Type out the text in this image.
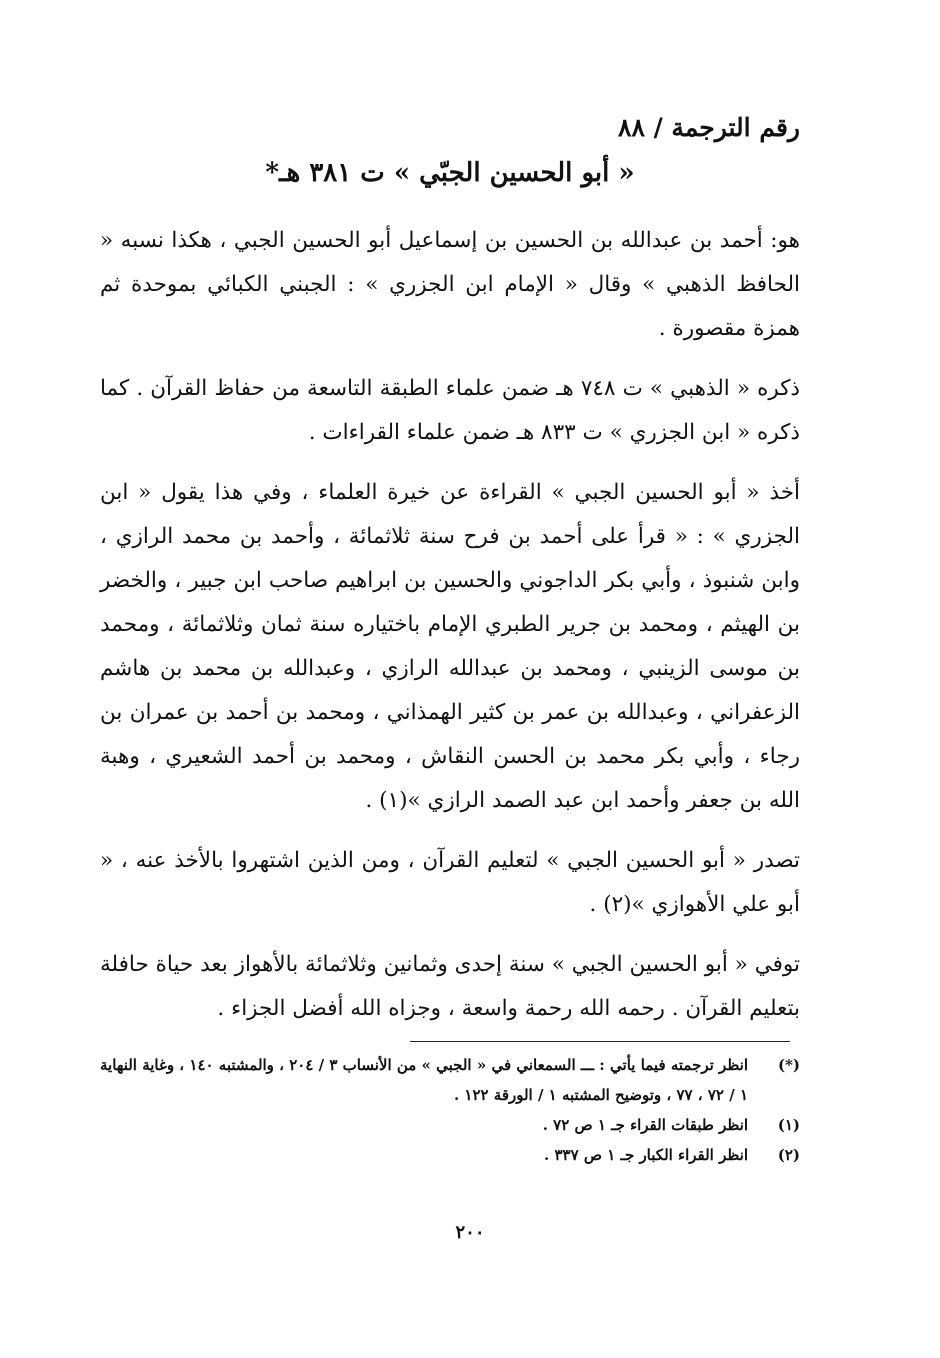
رقم الترجمة / ٨٨
« أبو الحسين الجبّي » ت ٣٨١ هـ*

هو: أحمد بن عبدالله بن الحسين بن إسماعيل أبو الحسين الجبي ، هكذا نسبه « الحافظ الذهبي » وقال « الإمام ابن الجزري » : الجبني الكبائي بموحدة ثم همزة مقصورة .

ذكره « الذهبي » ت ٧٤٨ هـ ضمن علماء الطبقة التاسعة من حفاظ القرآن . كما ذكره « ابن الجزري » ت ٨٣٣ هـ ضمن علماء القراءات .

أخذ « أبو الحسين الجبي » القراءة عن خيرة العلماء ، وفي هذا يقول « ابن الجزري » : « قرأ على أحمد بن فرح سنة ثلاثمائة ، وأحمد بن محمد الرازي ، وابن شنبوذ ، وأبي بكر الداجوني والحسين بن ابراهيم صاحب ابن جبير ، والخضر بن الهيثم ، ومحمد بن جرير الطبري الإمام باختياره سنة ثمان وثلاثمائة ، ومحمد بن موسى الزينبي ، ومحمد بن عبدالله الرازي ، وعبدالله بن محمد بن هاشم الزعفراني ، وعبدالله بن عمر بن كثير الهمذاني ، ومحمد بن أحمد بن عمران بن رجاء ، وأبي بكر محمد بن الحسن النقاش ، ومحمد بن أحمد الشعيري ، وهبة الله بن جعفر وأحمد ابن عبد الصمد الرازي »(١) .

تصدر « أبو الحسين الجبي » لتعليم القرآن ، ومن الذين اشتهروا بالأخذ عنه ، « أبو علي الأهوازي »(٢) .

توفي « أبو الحسين الجبي » سنة إحدى وثمانين وثلاثمائة بالأهواز بعد حياة حافلة بتعليم القرآن . رحمه الله رحمة واسعة ، وجزاه الله أفضل الجزاء .

(*)
انظر ترجمته فيما يأتي : ـــ السمعاني في « الجبي » من الأنساب ٣ / ٢٠٤ ، والمشتبه ١٤٠ ، وغاية النهاية ١ / ٧٢ ، ٧٧ ، وتوضيح المشتبه ١ / الورقة ١٢٢ .
(١)
انظر طبقات القراء جـ ١ ص ٧٢ .
(٢)
انظر القراء الكبار جـ ١ ص ٣٣٧ .
٢٠٠
